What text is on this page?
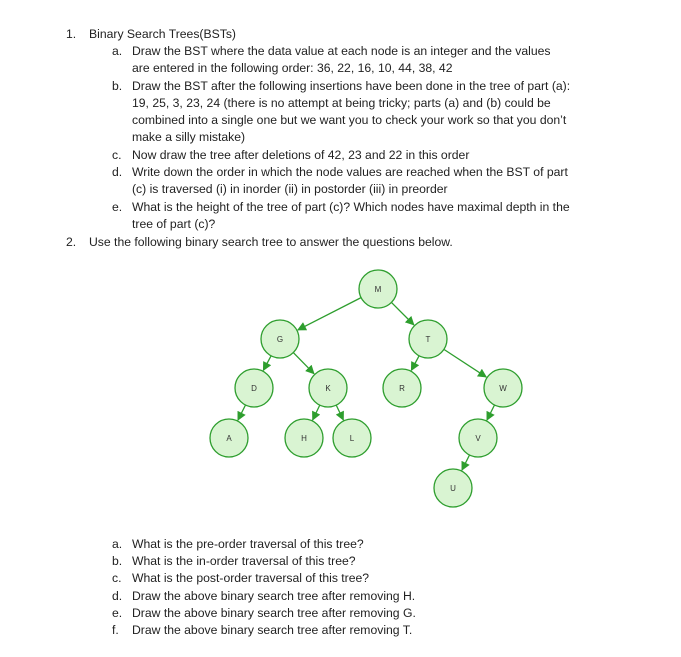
1. Binary Search Trees(BSTs)
a. Draw the BST where the data value at each node is an integer and the values
are entered in the following order: 36, 22, 16, 10, 44, 38, 42
b. Draw the BST after the following insertions have been done in the tree of part (a):
19, 25, 3, 23, 24 (there is no attempt at being tricky; parts (a) and (b) could be
combined into a single one but we want you to check your work so that you don’t
make a silly mistake)
c. Now draw the tree after deletions of 42, 23 and 22 in this order
d. Write down the order in which the node values are reached when the BST of part
(c) is traversed (i) in inorder (ii) in postorder (iii) in preorder
e. What is the height of the tree of part (c)? Which nodes have maximal depth in the
tree of part (c)?
2. Use the following binary search tree to answer the questions below.
M
G	T
D	K	R	W
A	H	L	V
U
a. What is the pre-order traversal of this tree?
b. What is the in-order traversal of this tree?
c. What is the post-order traversal of this tree?
d. Draw the above binary search tree after removing H.
e. Draw the above binary search tree after removing G.
f. Draw the above binary search tree after removing T.
